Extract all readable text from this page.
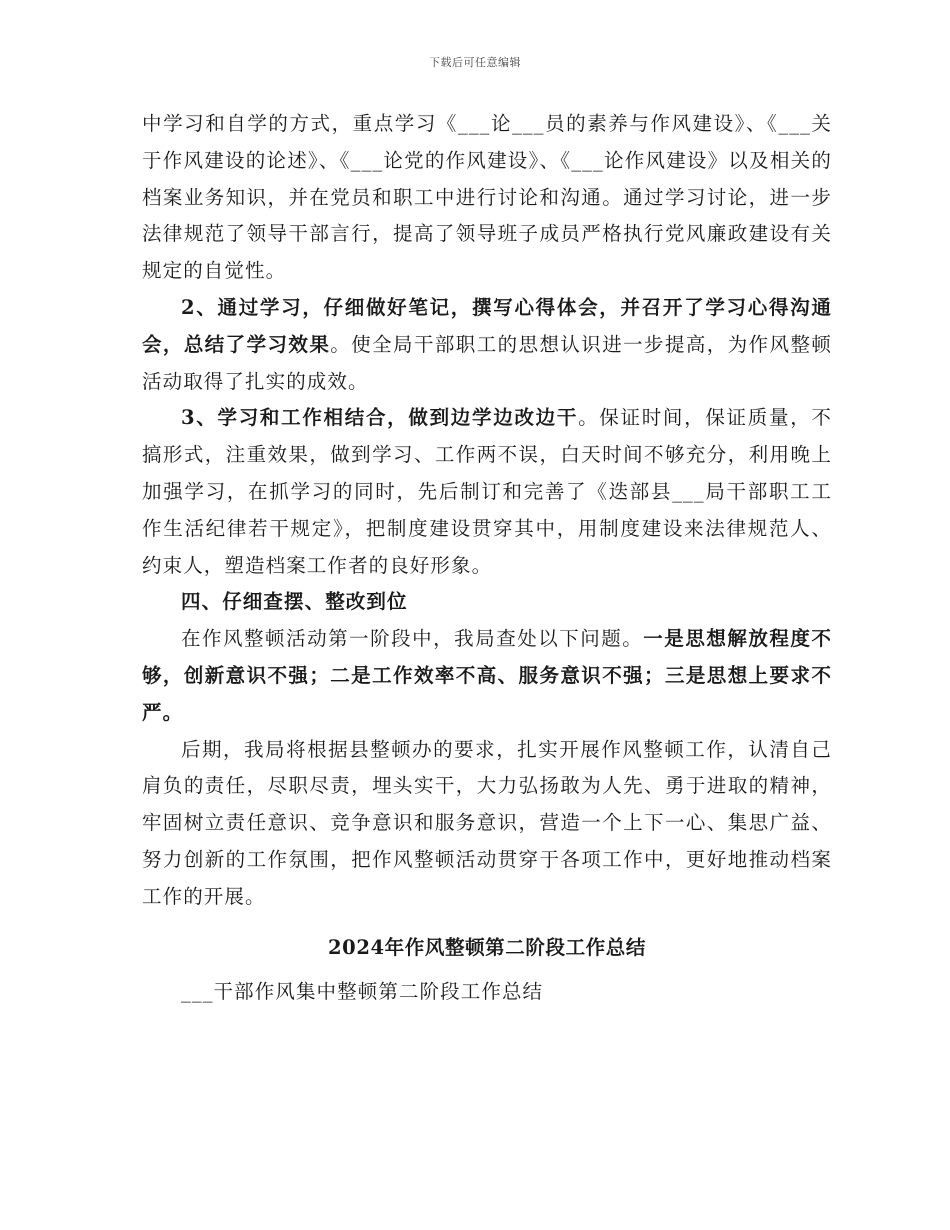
下载后可任意编辑

中学习和自学的方式，重点学习《___论___员的素养与作风建设》、《___关于作风建设的论述》、《___论党的作风建设》、《___论作风建设》以及相关的档案业务知识，并在党员和职工中进行讨论和沟通。通过学习讨论，进一步法律规范了领导干部言行，提高了领导班子成员严格执行党风廉政建设有关规定的自觉性。

2、通过学习，仔细做好笔记，撰写心得体会，并召开了学习心得沟通会，总结了学习效果。使全局干部职工的思想认识进一步提高，为作风整顿活动取得了扎实的成效。

3、学习和工作相结合，做到边学边改边干。保证时间，保证质量，不搞形式，注重效果，做到学习、工作两不误，白天时间不够充分，利用晚上加强学习，在抓学习的同时，先后制订和完善了《迭部县___局干部职工工作生活纪律若干规定》，把制度建设贯穿其中，用制度建设来法律规范人、约束人，塑造档案工作者的良好形象。

四、仔细查摆、整改到位

在作风整顿活动第一阶段中，我局查处以下问题。一是思想解放程度不够，创新意识不强；二是工作效率不高、服务意识不强；三是思想上要求不严。

后期，我局将根据县整顿办的要求，扎实开展作风整顿工作，认清自己肩负的责任，尽职尽责，埋头实干，大力弘扬敢为人先、勇于进取的精神，牢固树立责任意识、竞争意识和服务意识，营造一个上下一心、集思广益、努力创新的工作氛围，把作风整顿活动贯穿于各项工作中，更好地推动档案工作的开展。

2024年作风整顿第二阶段工作总结

___干部作风集中整顿第二阶段工作总结
